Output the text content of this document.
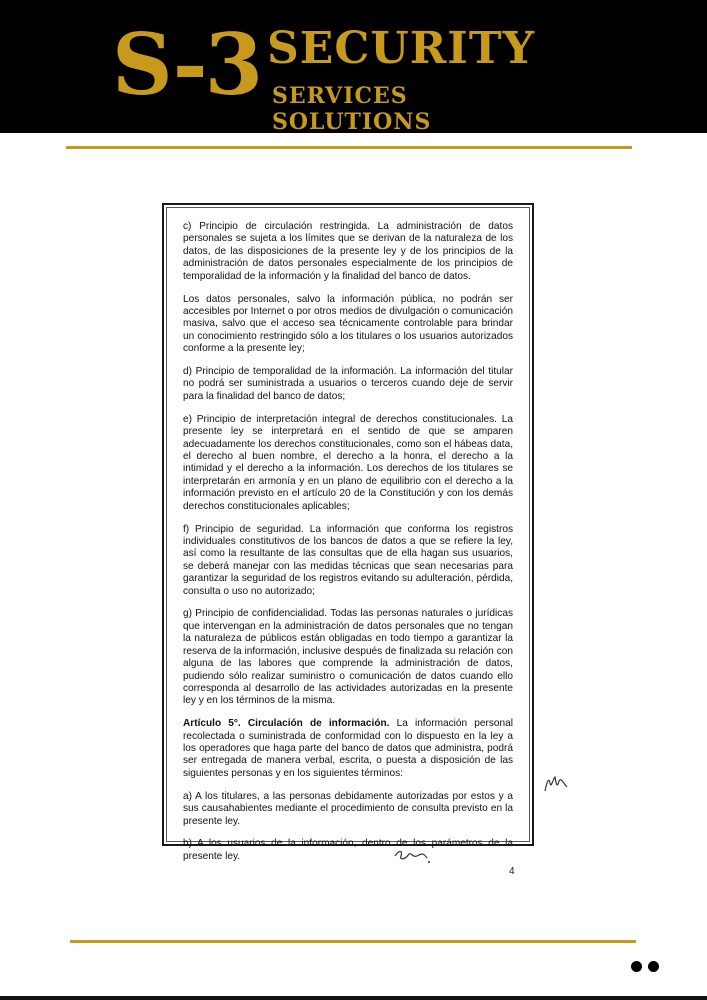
S-3 SECURITY
SERVICES SOLUTIONS

c) Principio de circulación restringida. La administración de datos personales se sujeta a los límites que se derivan de la naturaleza de los datos, de las disposiciones de la presente ley y de los principios de la administración de datos personales especialmente de los principios de temporalidad de la información y la finalidad del banco de datos.

Los datos personales, salvo la información pública, no podrán ser accesibles por Internet o por otros medios de divulgación o comunicación masiva, salvo que el acceso sea técnicamente controlable para brindar un conocimiento restringido sólo a los titulares o los usuarios autorizados conforme a la presente ley;

d) Principio de temporalidad de la información. La información del titular no podrá ser suministrada a usuarios o terceros cuando deje de servir para la finalidad del banco de datos;

e) Principio de interpretación integral de derechos constitucionales. La presente ley se interpretará en el sentido de que se amparen adecuadamente los derechos constitucionales, como son el hábeas data, el derecho al buen nombre, el derecho a la honra, el derecho a la intimidad y el derecho a la información. Los derechos de los titulares se interpretarán en armonía y en un plano de equilibrio con el derecho a la información previsto en el artículo 20 de la Constitución y con los demás derechos constitucionales aplicables;

f) Principio de seguridad. La información que conforma los registros individuales constitutivos de los bancos de datos a que se refiere la ley, así como la resultante de las consultas que de ella hagan sus usuarios, se deberá manejar con las medidas técnicas que sean necesarias para garantizar la seguridad de los registros evitando su adulteración, pérdida, consulta o uso no autorizado;

g) Principio de confidencialidad. Todas las personas naturales o jurídicas que intervengan en la administración de datos personales que no tengan la naturaleza de públicos están obligadas en todo tiempo a garantizar la reserva de la información, inclusive después de finalizada su relación con alguna de las labores que comprende la administración de datos, pudiendo sólo realizar suministro o comunicación de datos cuando ello corresponda al desarrollo de las actividades autorizadas en la presente ley y en los términos de la misma.

Artículo 5°. Circulación de información. La información personal recolectada o suministrada de conformidad con lo dispuesto en la ley a los operadores que haga parte del banco de datos que administra, podrá ser entregada de manera verbal, escrita, o puesta a disposición de las siguientes personas y en los siguientes términos:

a) A los titulares, a las personas debidamente autorizadas por estos y a sus causahabientes mediante el procedimiento de consulta previsto en la presente ley.

b) A los usuarios de la información, dentro de los parámetros de la presente ley.

4
